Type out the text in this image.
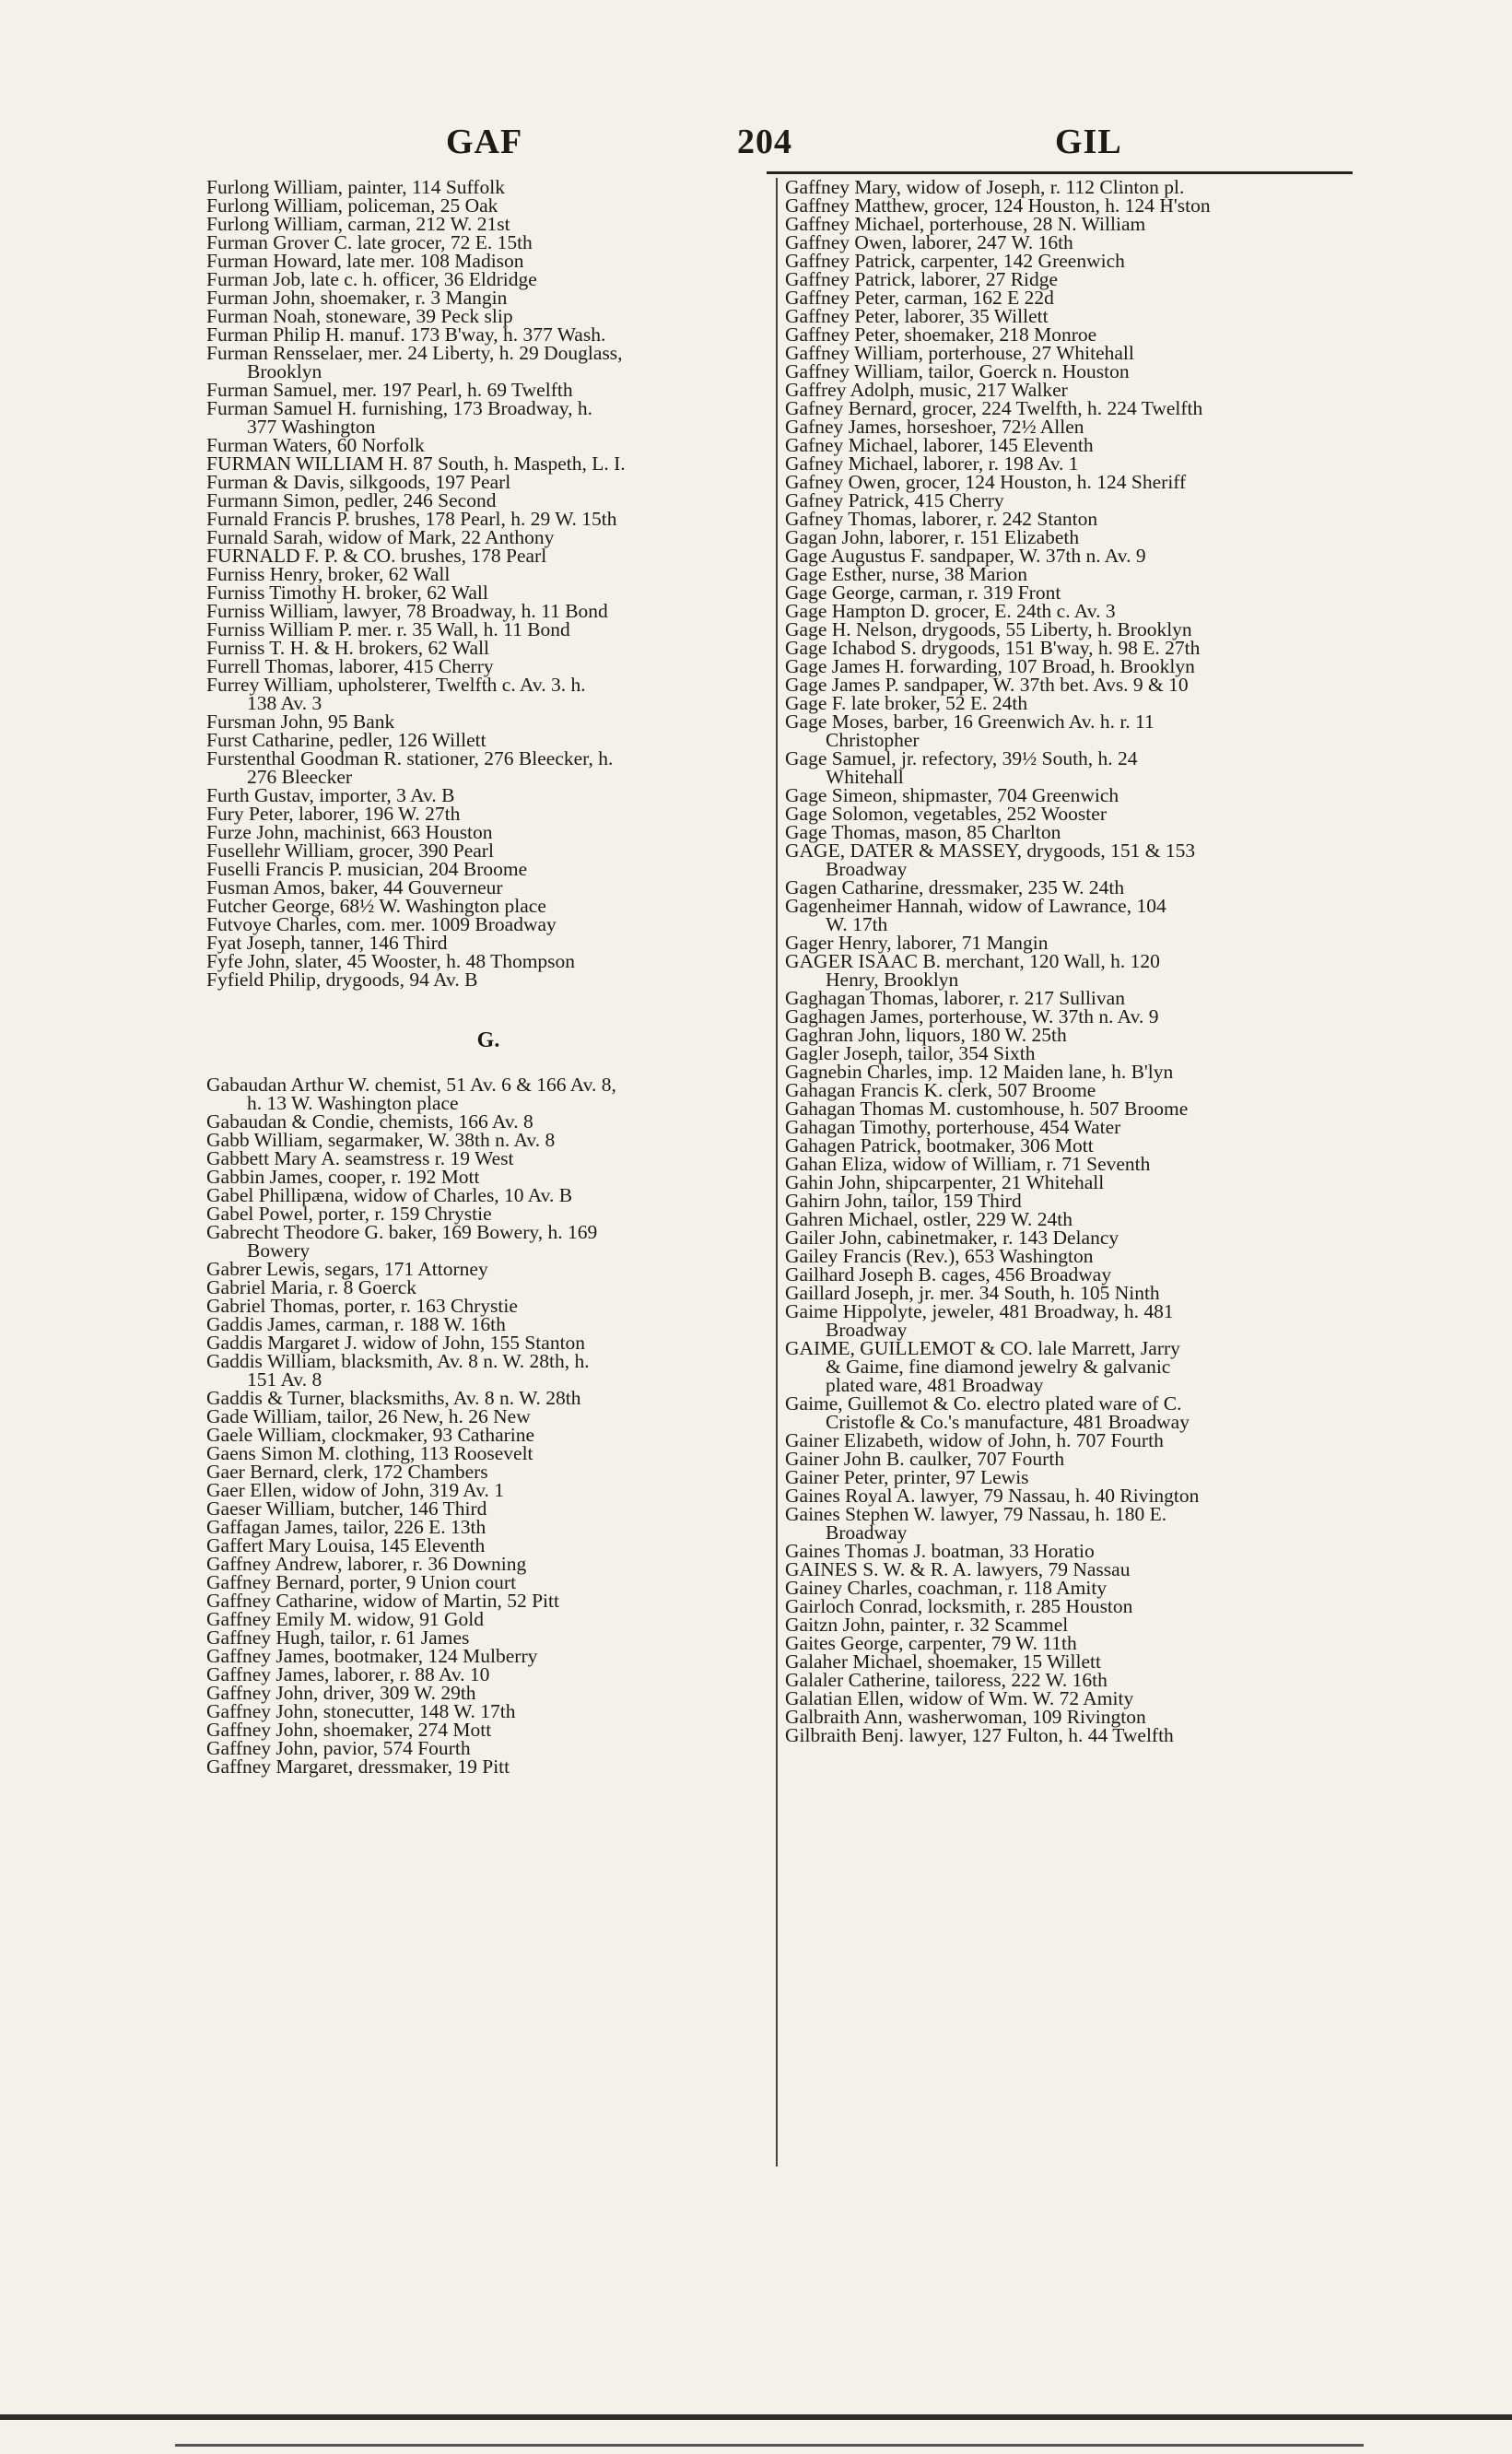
GAF	204	GIL
Furlong William, painter, 114 Suffolk
Furlong William, policeman, 25 Oak
Furlong William, carman, 212 W. 21st
Furman Grover C. late grocer, 72 E. 15th
Furman Howard, late mer. 108 Madison
Furman Job, late c. h. officer, 36 Eldridge
Furman John, shoemaker, r. 3 Mangin
Furman Noah, stoneware, 39 Peck slip
Furman Philip H. manuf. 173 B'way, h. 377 Wash.
Furman Rensselaer, mer. 24 Liberty, h. 29 Douglass,
Brooklyn
Furman Samuel, mer. 197 Pearl, h. 69 Twelfth
Furman Samuel H. furnishing, 173 Broadway, h.
377 Washington
Furman Waters, 60 Norfolk
FURMAN WILLIAM H. 87 South, h. Maspeth, L. I.
Furman & Davis, silkgoods, 197 Pearl
Furmann Simon, pedler, 246 Second
Furnald Francis P. brushes, 178 Pearl, h. 29 W. 15th
Furnald Sarah, widow of Mark, 22 Anthony
FURNALD F. P. & CO. brushes, 178 Pearl
Furniss Henry, broker, 62 Wall
Furniss Timothy H. broker, 62 Wall
Furniss William, lawyer, 78 Broadway, h. 11 Bond
Furniss William P. mer. r. 35 Wall, h. 11 Bond
Furniss T. H. & H. brokers, 62 Wall
Furrell Thomas, laborer, 415 Cherry
Furrey William, upholsterer, Twelfth c. Av. 3. h.
138 Av. 3
Fursman John, 95 Bank
Furst Catharine, pedler, 126 Willett
Furstenthal Goodman R. stationer, 276 Bleecker, h.
276 Bleecker
Furth Gustav, importer, 3 Av. B
Fury Peter, laborer, 196 W. 27th
Furze John, machinist, 663 Houston
Fusellehr William, grocer, 390 Pearl
Fuselli Francis P. musician, 204 Broome
Fusman Amos, baker, 44 Gouverneur
Futcher George, 68½ W. Washington place
Futvoye Charles, com. mer. 1009 Broadway
Fyat Joseph, tanner, 146 Third
Fyfe John, slater, 45 Wooster, h. 48 Thompson
Fyfield Philip, drygoods, 94 Av. B
G.
Gabaudan Arthur W. chemist, 51 Av. 6 & 166 Av. 8,
h. 13 W. Washington place
Gabaudan & Condie, chemists, 166 Av. 8
Gabb William, segarmaker, W. 38th n. Av. 8
Gabbett Mary A. seamstress r. 19 West
Gabbin James, cooper, r. 192 Mott
Gabel Phillipæna, widow of Charles, 10 Av. B
Gabel Powel, porter, r. 159 Chrystie
Gabrecht Theodore G. baker, 169 Bowery, h. 169
Bowery
Gabrer Lewis, segars, 171 Attorney
Gabriel Maria, r. 8 Goerck
Gabriel Thomas, porter, r. 163 Chrystie
Gaddis James, carman, r. 188 W. 16th
Gaddis Margaret J. widow of John, 155 Stanton
Gaddis William, blacksmith, Av. 8 n. W. 28th, h.
151 Av. 8
Gaddis & Turner, blacksmiths, Av. 8 n. W. 28th
Gade William, tailor, 26 New, h. 26 New
Gaele William, clockmaker, 93 Catharine
Gaens Simon M. clothing, 113 Roosevelt
Gaer Bernard, clerk, 172 Chambers
Gaer Ellen, widow of John, 319 Av. 1
Gaeser William, butcher, 146 Third
Gaffagan James, tailor, 226 E. 13th
Gaffert Mary Louisa, 145 Eleventh
Gaffney Andrew, laborer, r. 36 Downing
Gaffney Bernard, porter, 9 Union court
Gaffney Catharine, widow of Martin, 52 Pitt
Gaffney Emily M. widow, 91 Gold
Gaffney Hugh, tailor, r. 61 James
Gaffney James, bootmaker, 124 Mulberry
Gaffney James, laborer, r. 88 Av. 10
Gaffney John, driver, 309 W. 29th
Gaffney John, stonecutter, 148 W. 17th
Gaffney John, shoemaker, 274 Mott
Gaffney John, pavior, 574 Fourth
Gaffney Margaret, dressmaker, 19 Pitt
Gaffney Mary, widow of Joseph, r. 112 Clinton pl.
Gaffney Matthew, grocer, 124 Houston, h. 124 H'ston
Gaffney Michael, porterhouse, 28 N. William
Gaffney Owen, laborer, 247 W. 16th
Gaffney Patrick, carpenter, 142 Greenwich
Gaffney Patrick, laborer, 27 Ridge
Gaffney Peter, carman, 162 E 22d
Gaffney Peter, laborer, 35 Willett
Gaffney Peter, shoemaker, 218 Monroe
Gaffney William, porterhouse, 27 Whitehall
Gaffney William, tailor, Goerck n. Houston
Gaffrey Adolph, music, 217 Walker
Gafney Bernard, grocer, 224 Twelfth, h. 224 Twelfth
Gafney James, horseshoer, 72½ Allen
Gafney Michael, laborer, 145 Eleventh
Gafney Michael, laborer, r. 198 Av. 1
Gafney Owen, grocer, 124 Houston, h. 124 Sheriff
Gafney Patrick, 415 Cherry
Gafney Thomas, laborer, r. 242 Stanton
Gagan John, laborer, r. 151 Elizabeth
Gage Augustus F. sandpaper, W. 37th n. Av. 9
Gage Esther, nurse, 38 Marion
Gage George, carman, r. 319 Front
Gage Hampton D. grocer, E. 24th c. Av. 3
Gage H. Nelson, drygoods, 55 Liberty, h. Brooklyn
Gage Ichabod S. drygoods, 151 B'way, h. 98 E. 27th
Gage James H. forwarding, 107 Broad, h. Brooklyn
Gage James P. sandpaper, W. 37th bet. Avs. 9 & 10
Gage F. late broker, 52 E. 24th
Gage Moses, barber, 16 Greenwich Av. h. r. 11
Christopher
Gage Samuel, jr. refectory, 39½ South, h. 24
Whitehall
Gage Simeon, shipmaster, 704 Greenwich
Gage Solomon, vegetables, 252 Wooster
Gage Thomas, mason, 85 Charlton
GAGE, DATER & MASSEY, drygoods, 151 & 153
Broadway
Gagen Catharine, dressmaker, 235 W. 24th
Gagenheimer Hannah, widow of Lawrance, 104
W. 17th
Gager Henry, laborer, 71 Mangin
GAGER ISAAC B. merchant, 120 Wall, h. 120
Henry, Brooklyn
Gaghagan Thomas, laborer, r. 217 Sullivan
Gaghagen James, porterhouse, W. 37th n. Av. 9
Gaghran John, liquors, 180 W. 25th
Gagler Joseph, tailor, 354 Sixth
Gagnebin Charles, imp. 12 Maiden lane, h. B'lyn
Gahagan Francis K. clerk, 507 Broome
Gahagan Thomas M. customhouse, h. 507 Broome
Gahagan Timothy, porterhouse, 454 Water
Gahagen Patrick, bootmaker, 306 Mott
Gahan Eliza, widow of William, r. 71 Seventh
Gahin John, shipcarpenter, 21 Whitehall
Gahirn John, tailor, 159 Third
Gahren Michael, ostler, 229 W. 24th
Gailer John, cabinetmaker, r. 143 Delancy
Gailey Francis (Rev.), 653 Washington
Gailhard Joseph B. cages, 456 Broadway
Gaillard Joseph, jr. mer. 34 South, h. 105 Ninth
Gaime Hippolyte, jeweler, 481 Broadway, h. 481
Broadway
GAIME, GUILLEMOT & CO. lale Marrett, Jarry
& Gaime, fine diamond jewelry & galvanic
plated ware, 481 Broadway
Gaime, Guillemot & Co. electro plated ware of C.
Cristofle & Co.'s manufacture, 481 Broadway
Gainer Elizabeth, widow of John, h. 707 Fourth
Gainer John B. caulker, 707 Fourth
Gainer Peter, printer, 97 Lewis
Gaines Royal A. lawyer, 79 Nassau, h. 40 Rivington
Gaines Stephen W. lawyer, 79 Nassau, h. 180 E.
Broadway
Gaines Thomas J. boatman, 33 Horatio
GAINES S. W. & R. A. lawyers, 79 Nassau
Gainey Charles, coachman, r. 118 Amity
Gairloch Conrad, locksmith, r. 285 Houston
Gaitzn John, painter, r. 32 Scammel
Gaites George, carpenter, 79 W. 11th
Galaher Michael, shoemaker, 15 Willett
Galaler Catherine, tailoress, 222 W. 16th
Galatian Ellen, widow of Wm. W. 72 Amity
Galbraith Ann, washerwoman, 109 Rivington
Gilbraith Benj. lawyer, 127 Fulton, h. 44 Twelfth
